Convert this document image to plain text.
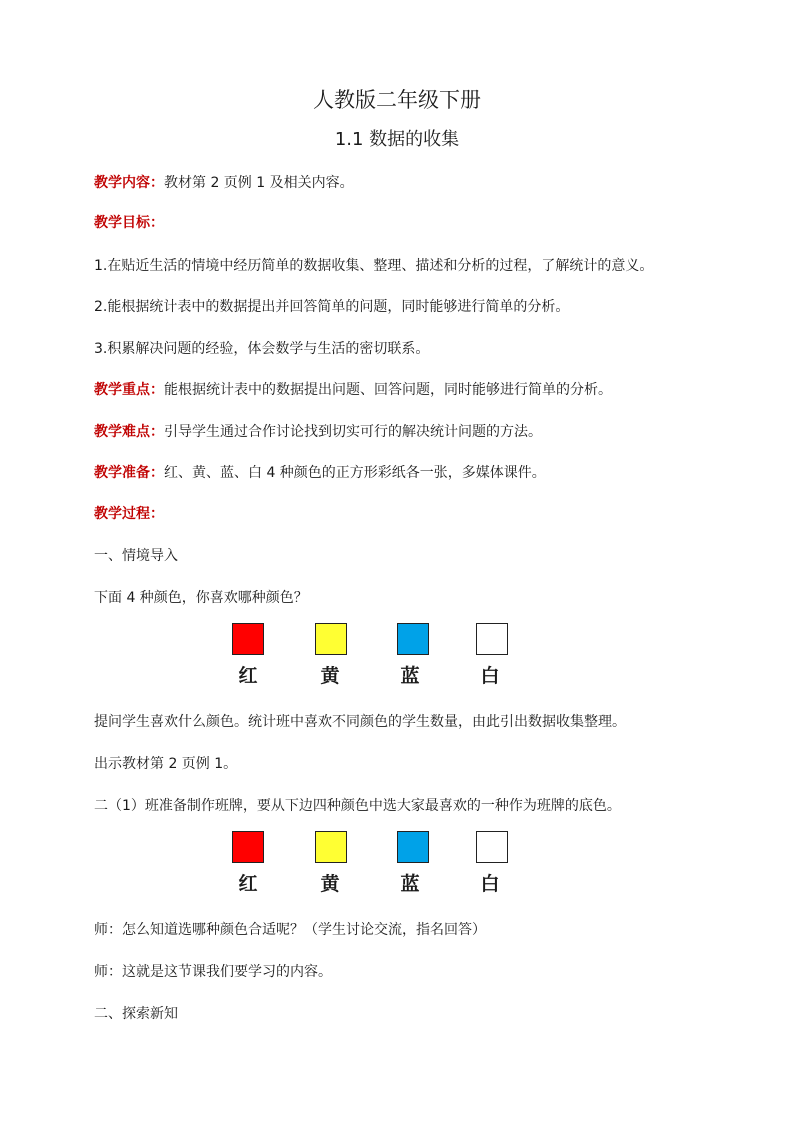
人教版二年级下册
1.1 数据的收集
教学内容：教材第 2 页例 1 及相关内容。
教学目标：
1.在贴近生活的情境中经历简单的数据收集、整理、描述和分析的过程，了解统计的意义。
2.能根据统计表中的数据提出并回答简单的问题，同时能够进行简单的分析。
3.积累解决问题的经验，体会数学与生活的密切联系。
教学重点：能根据统计表中的数据提出问题、回答问题，同时能够进行简单的分析。
教学难点：引导学生通过合作讨论找到切实可行的解决统计问题的方法。
教学准备：红、黄、蓝、白 4 种颜色的正方形彩纸各一张，多媒体课件。
教学过程：
一、情境导入
下面 4 种颜色，你喜欢哪种颜色？
红	黄	蓝	白
提问学生喜欢什么颜色。统计班中喜欢不同颜色的学生数量，由此引出数据收集整理。
出示教材第 2 页例 1。
二（1）班准备制作班牌，要从下边四种颜色中选大家最喜欢的一种作为班牌的底色。
红	黄	蓝	白
师：怎么知道选哪种颜色合适呢？（学生讨论交流，指名回答）
师：这就是这节课我们要学习的内容。
二、探索新知
